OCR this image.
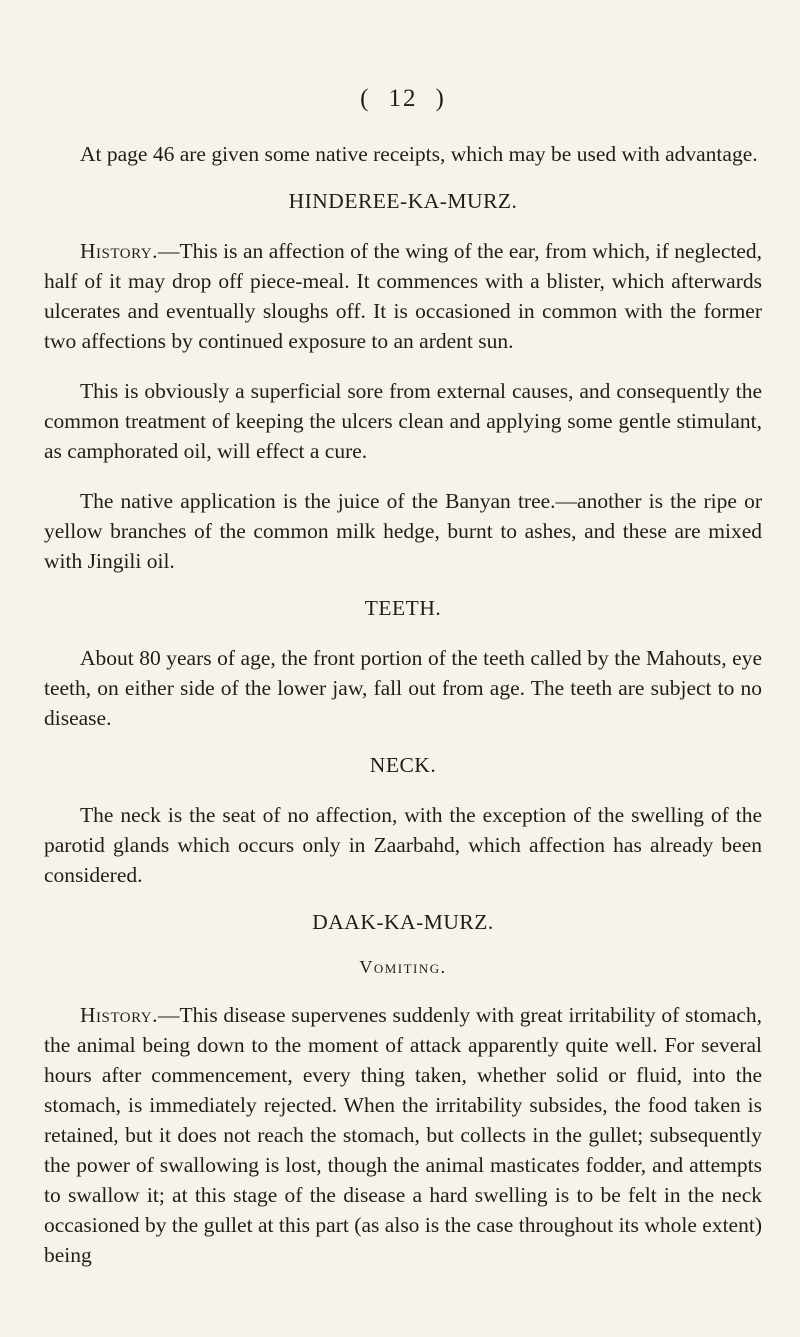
( 12 )

At page 46 are given some native receipts, which may be used with advantage.

HINDEREE-KA-MURZ.

History.—This is an affection of the wing of the ear, from which, if neglected, half of it may drop off piece-meal. It commences with a blister, which afterwards ulcerates and eventually sloughs off. It is occasioned in common with the former two affections by continued exposure to an ardent sun.

This is obviously a superficial sore from external causes, and consequently the common treatment of keeping the ulcers clean and applying some gentle stimulant, as camphorated oil, will effect a cure.

The native application is the juice of the Banyan tree.—another is the ripe or yellow branches of the common milk hedge, burnt to ashes, and these are mixed with Jingili oil.

TEETH.

About 80 years of age, the front portion of the teeth called by the Mahouts, eye teeth, on either side of the lower jaw, fall out from age. The teeth are subject to no disease.

NECK.

The neck is the seat of no affection, with the exception of the swelling of the parotid glands which occurs only in Zaarbahd, which affection has already been considered.

DAAK-KA-MURZ.
Vomiting.

History.—This disease supervenes suddenly with great irritability of stomach, the animal being down to the moment of attack apparently quite well. For several hours after commencement, every thing taken, whether solid or fluid, into the stomach, is immediately rejected. When the irritability subsides, the food taken is retained, but it does not reach the stomach, but collects in the gullet; subsequently the power of swallowing is lost, though the animal masticates fodder, and attempts to swallow it; at this stage of the disease a hard swelling is to be felt in the neck occasioned by the gullet at this part (as also is the case throughout its whole extent) being
